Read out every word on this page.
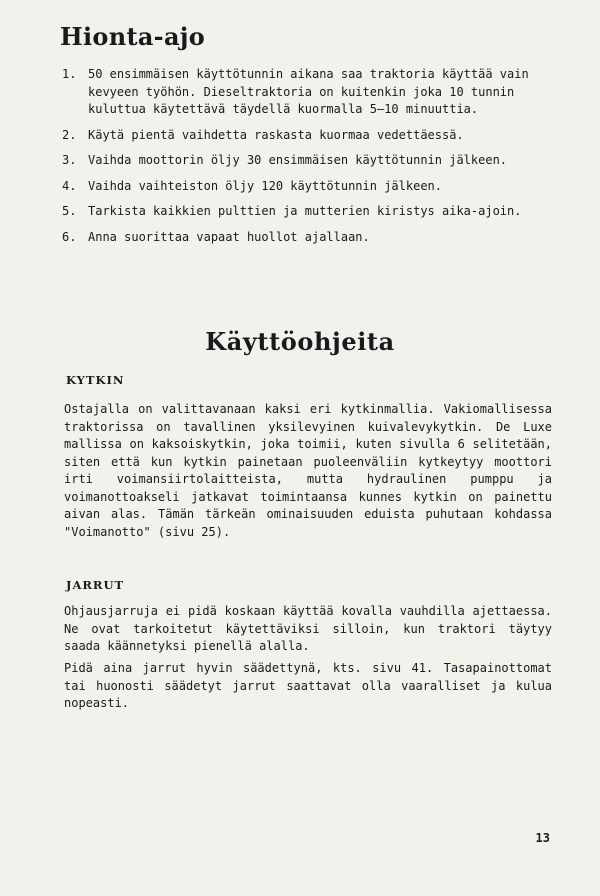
Hionta-ajo
1. 50 ensimmäisen käyttötunnin aikana saa traktoria käyttää vain kevyeen työhön. Dieseltraktoria on kuitenkin joka 10 tunnin kuluttua käytettävä täydellä kuormalla 5—10 minuuttia.
2. Käytä pientä vaihdetta raskasta kuormaa vedettäessä.
3. Vaihda moottorin öljy 30 ensimmäisen käyttötunnin jälkeen.
4. Vaihda vaihteiston öljy 120 käyttötunnin jälkeen.
5. Tarkista kaikkien pulttien ja mutterien kiristys aika-ajoin.
6. Anna suorittaa vapaat huollot ajallaan.
Käyttöohjeita
KYTKIN

Ostajalla on valittavanaan kaksi eri kytkinmallia. Vakiomallisessa traktorissa on tavallinen yksilevyinen kuivalevykytkin. De Luxe mallissa on kaksoiskytkin, joka toimii, kuten sivulla 6 selitetään, siten että kun kytkin painetaan puoleenväliin kytkeytyy moottori irti voimansiirtolaitteista, mutta hydraulinen pumppu ja voimanottoakseli jatkavat toimintaansa kunnes kytkin on painettu aivan alas. Tämän tärkeän ominaisuuden eduista puhutaan kohdassa "Voimanotto" (sivu 25).

JARRUT

Ohjausjarruja ei pidä koskaan käyttää kovalla vauhdilla ajettaessa. Ne ovat tarkoitetut käytettäviksi silloin, kun traktori täytyy saada käännetyksi pienellä alalla.

Pidä aina jarrut hyvin säädettynä, kts. sivu 41. Tasapainottomat tai huonosti säädetyt jarrut saattavat olla vaaralliset ja kulua nopeasti.

13
